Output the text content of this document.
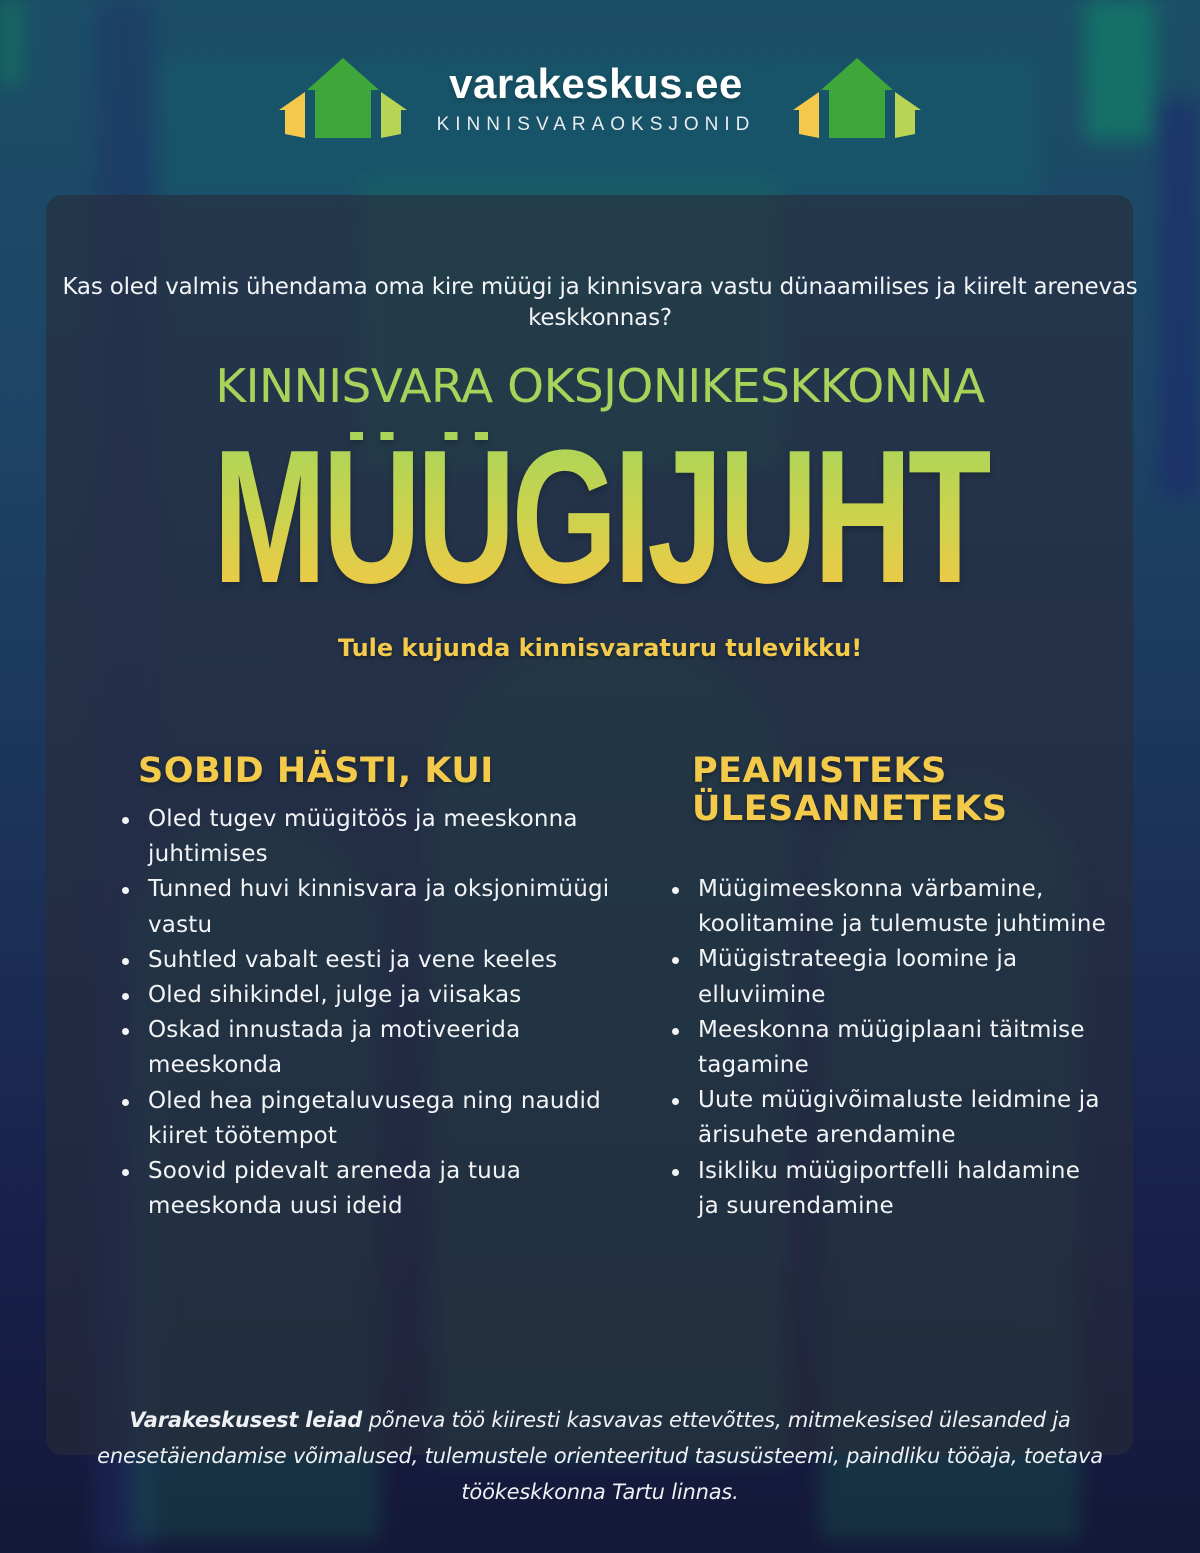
varakeskus.ee
KINNISVARAOKSJONID

Kas oled valmis ühendama oma kire müügi ja kinnisvara vastu dünaamilises ja kiirelt arenevas keskkonnas?

KINNISVARA OKSJONIKESKKONNA
MÜÜGIJUHT
Tule kujunda kinnisvaraturu tulevikku!
SOBID HÄSTI, KUI
Oled tugev müügitöös ja meeskonna juhtimises
Tunned huvi kinnisvara ja oksjonimüügi vastu
Suhtled vabalt eesti ja vene keeles
Oled sihikindel, julge ja viisakas
Oskad innustada ja motiveerida meeskonda
Oled hea pingetaluvusega ning naudid kiiret töötempot
Soovid pidevalt areneda ja tuua meeskonda uusi ideid
PEAMISTEKS
ÜLESANNETEKS
Müügimeeskonna värbamine, koolitamine ja tulemuste juhtimine
Müügistrateegia loomine ja elluviimine
Meeskonna müügiplaani täitmise tagamine
Uute müügivõimaluste leidmine ja ärisuhete arendamine
Isikliku müügiportfelli haldamine ja suurendamine

Varakeskusest leiad põneva töö kiiresti kasvavas ettevõttes, mitmekesised ülesanded ja enesetäiendamise võimalused, tulemustele orienteeritud tasusüsteemi, paindliku tööaja, toetava töökeskkonna Tartu linnas.
